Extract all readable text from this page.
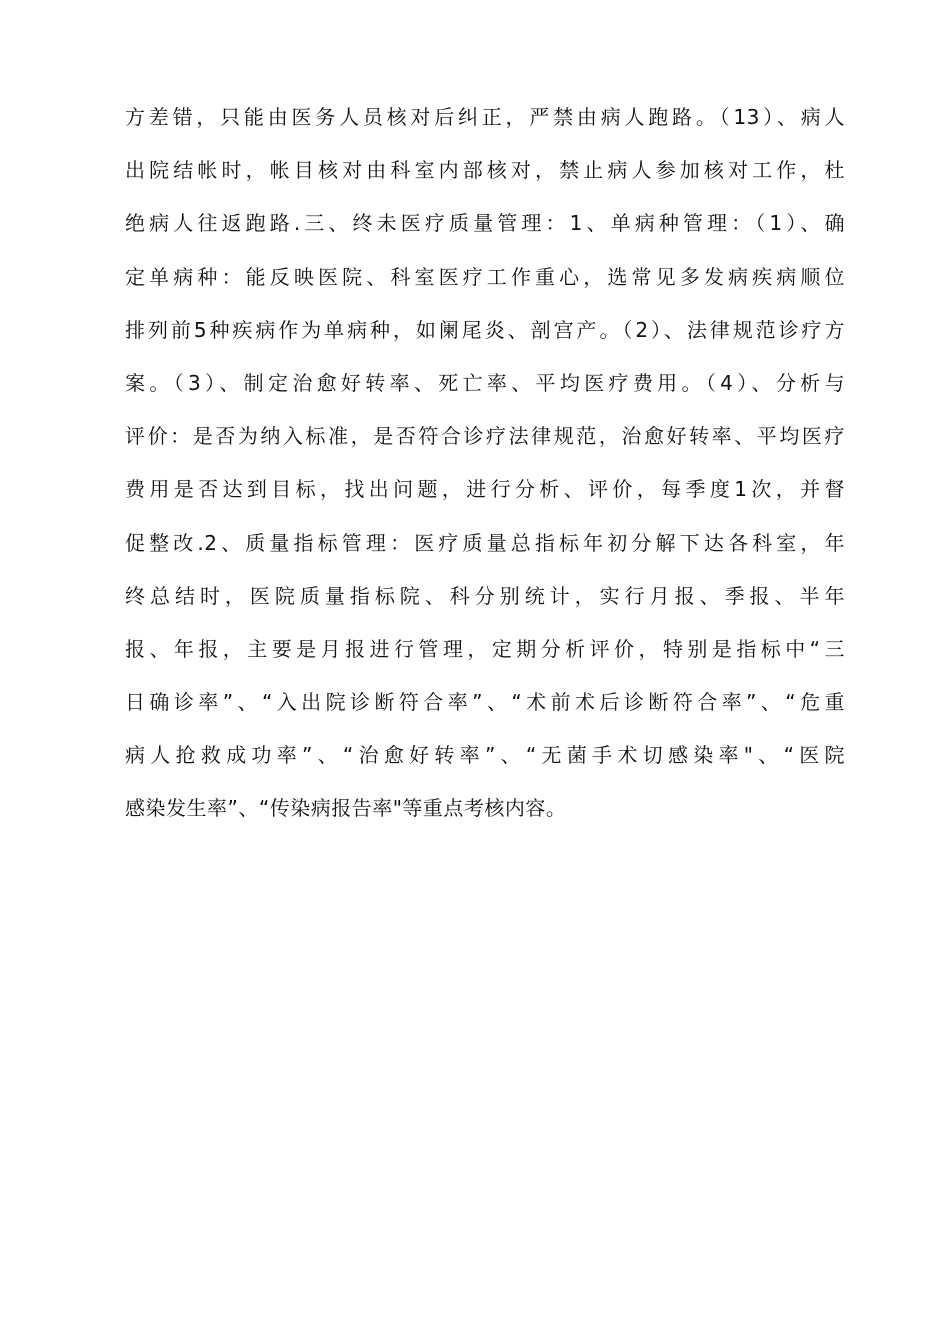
方差错，只能由医务人员核对后纠正，严禁由病人跑路。（13）、病人
出院结帐时，帐目核对由科室内部核对，禁止病人参加核对工作，杜
绝病人往返跑路.三、终未医疗质量管理：1、单病种管理：（1）、确
定单病种：能反映医院、科室医疗工作重心，选常见多发病疾病顺位
排列前5种疾病作为单病种，如阑尾炎、剖宫产。（2）、法律规范诊疗方
案。（3）、制定治愈好转率、死亡率、平均医疗费用。（4）、分析与
评价：是否为纳入标准，是否符合诊疗法律规范，治愈好转率、平均医疗
费用是否达到目标，找出问题，进行分析、评价，每季度1次，并督
促整改.2、质量指标管理：医疗质量总指标年初分解下达各科室，年
终总结时，医院质量指标院、科分别统计，实行月报、季报、半年
报、年报，主要是月报进行管理，定期分析评价，特别是指标中“三
日确诊率”、“入出院诊断符合率”、“术前术后诊断符合率”、“危重
病人抢救成功率”、“治愈好转率”、“无菌手术切感染率"、“医院
感染发生率”、“传染病报告率"等重点考核内容。
